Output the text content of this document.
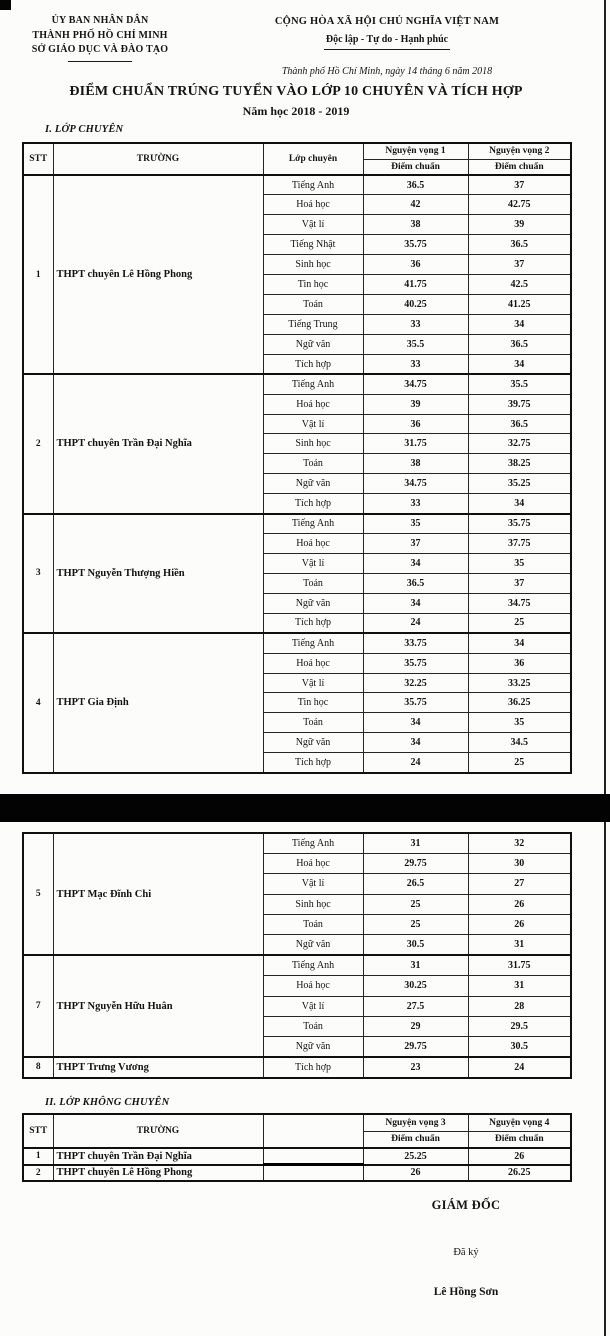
ỦY BAN NHÂN DÂN
THÀNH PHỐ HỒ CHÍ MINH
SỞ GIÁO DỤC VÀ ĐÀO TẠO
CỘNG HÒA XÃ HỘI CHỦ NGHĨA VIỆT NAM
Độc lập - Tự do - Hạnh phúc
Thành phố Hồ Chí Minh, ngày 14 tháng 6 năm 2018
ĐIỂM CHUẨN TRÚNG TUYỂN VÀO LỚP 10 CHUYÊN VÀ TÍCH HỢP
Năm học 2018 - 2019
I. LỚP CHUYÊN
STT	TRƯỜNG	Lớp chuyên	Nguyện vọng 1	Nguyện vọng 2
			Điểm chuẩn	Điểm chuẩn
1	THPT chuyên Lê Hồng Phong	Tiếng Anh	36.5	37
		Hoá học	42	42.75
		Vật lí	38	39
		Tiếng Nhật	35.75	36.5
		Sinh học	36	37
		Tin học	41.75	42.5
		Toán	40.25	41.25
		Tiếng Trung	33	34
		Ngữ văn	35.5	36.5
		Tích hợp	33	34
2	THPT chuyên Trần Đại Nghĩa	Tiếng Anh	34.75	35.5
		Hoá học	39	39.75
		Vật lí	36	36.5
		Sinh học	31.75	32.75
		Toán	38	38.25
		Ngữ văn	34.75	35.25
		Tích hợp	33	34
3	THPT Nguyễn Thượng Hiền	Tiếng Anh	35	35.75
		Hoá học	37	37.75
		Vật lí	34	35
		Toán	36.5	37
		Ngữ văn	34	34.75
		Tích hợp	24	25
4	THPT Gia Định	Tiếng Anh	33.75	34
		Hoá học	35.75	36
		Vật lí	32.25	33.25
		Tin học	35.75	36.25
		Toán	34	35
		Ngữ văn	34	34.5
		Tích hợp	24	25
5	THPT Mạc Đĩnh Chi	Tiếng Anh	31	32
		Hoá học	29.75	30
		Vật lí	26.5	27
		Sinh học	25	26
		Toán	25	26
		Ngữ văn	30.5	31
7	THPT Nguyễn Hữu Huân	Tiếng Anh	31	31.75
		Hoá học	30.25	31
		Vật lí	27.5	28
		Toán	29	29.5
		Ngữ văn	29.75	30.5
8	THPT Trưng Vương	Tích hợp	23	24
II. LỚP KHÔNG CHUYÊN
STT	TRƯỜNG		Nguyện vọng 3	Nguyện vọng 4
			Điểm chuẩn	Điểm chuẩn
1	THPT chuyên Trần Đại Nghĩa		25.25	26
2	THPT chuyên Lê Hồng Phong		26	26.25
GIÁM ĐỐC
Đã ký
Lê Hồng Sơn
